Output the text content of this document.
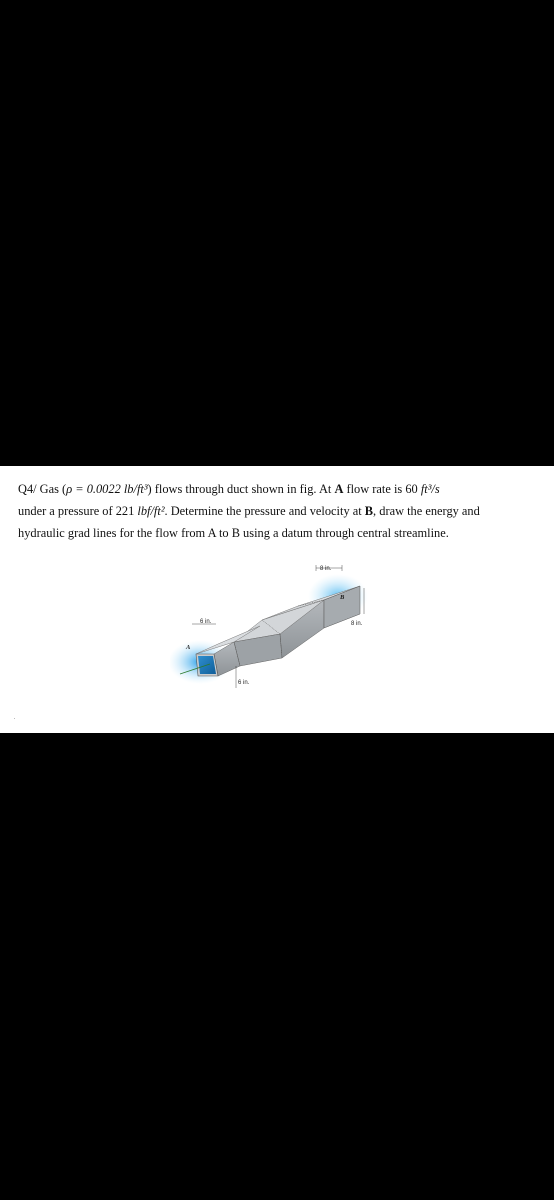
Q4/ Gas (ρ = 0.0022 lb/ft³) flows through duct shown in fig. At A flow rate is 60 ft³/s
under a pressure of 221 lbf/ft². Determine the pressure and velocity at B, draw the energy and
hydraulic grad lines for the flow from A to B using a datum through central streamline.
8 in.
8 in.
B
6 in.
A
6 in.
